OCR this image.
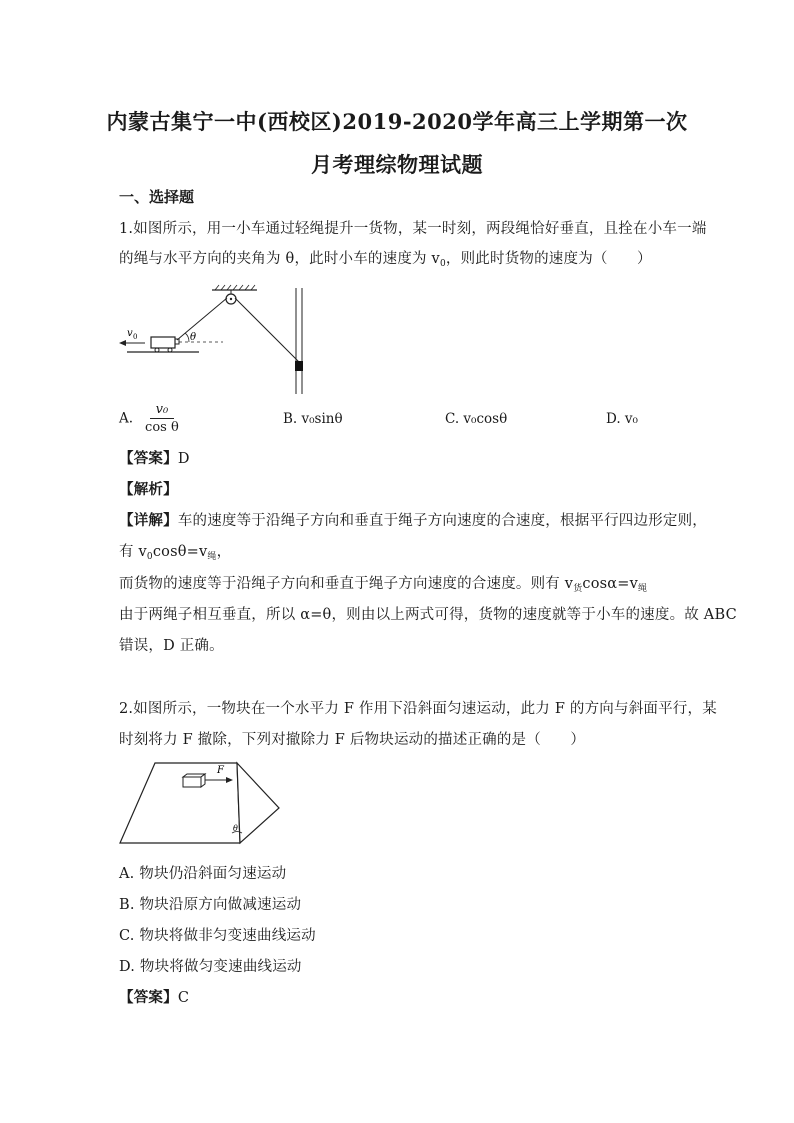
内蒙古集宁一中(西校区)2019-2020学年高三上学期第一次
月考理综物理试题
一、选择题
1.如图所示，用一小车通过轻绳提升一货物，某一时刻，两段绳恰好垂直，且拴在小车一端
的绳与水平方向的夹角为 θ，此时小车的速度为 $v_0$，则此时货物的速度为（　　）
v 0	θ
A. $\frac{\text{v₀}}{\text{cos θ}}$	B. v₀sinθ	C. v₀cosθ	D. v₀
【答案】D
【解析】
【详解】车的速度等于沿绳子方向和垂直于绳子方向速度的合速度，根据平行四边形定则，
有 $v_0\cos\theta=v_绳$，
而货物的速度等于沿绳子方向和垂直于绳子方向速度的合速度。则有 $v_货\cos\alpha=v_绳$
由于两绳子相互垂直，所以 α=θ，则由以上两式可得，货物的速度就等于小车的速度。故 ABC
错误，D 正确。
2.如图所示，一物块在一个水平力 F 作用下沿斜面匀速运动，此力 F 的方向与斜面平行，某
时刻将力 F 撤除，下列对撤除力 F 后物块运动的描述正确的是（　　）
F
θ
A. 物块仍沿斜面匀速运动
B. 物块沿原方向做减速运动
C. 物块将做非匀变速曲线运动
D. 物块将做匀变速曲线运动
【答案】C
